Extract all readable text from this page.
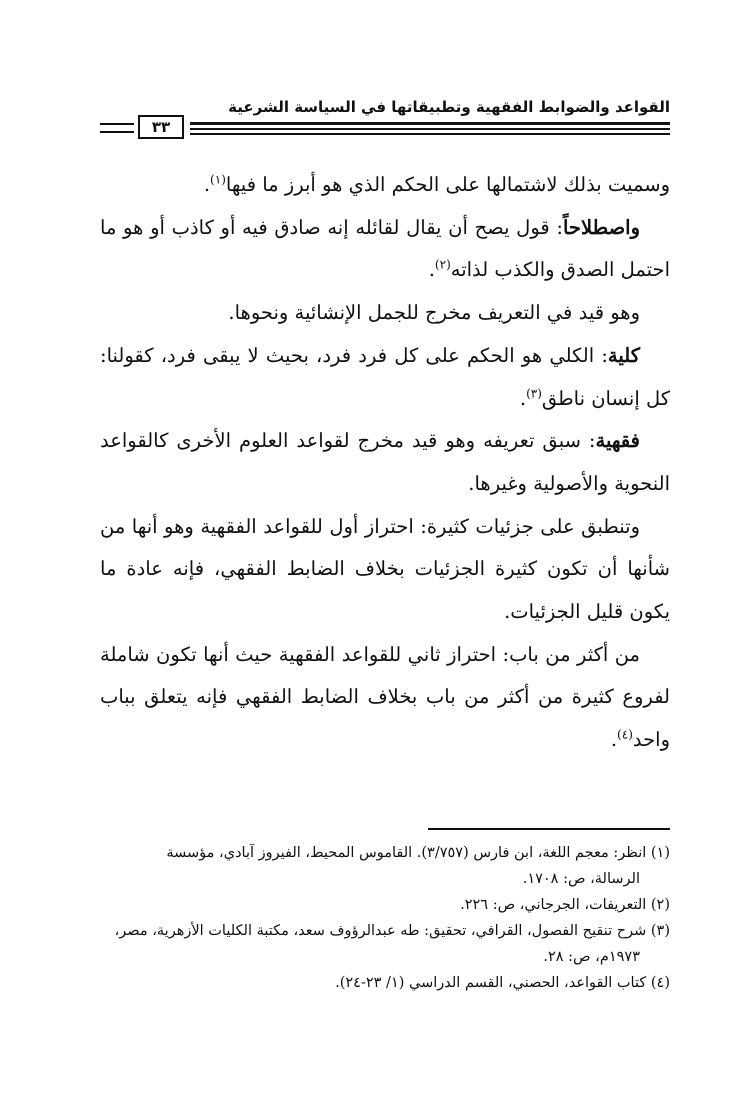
القواعد والضوابط الفقهية وتطبيقاتها في السياسة الشرعية
٣٣

وسميت بذلك لاشتمالها على الحكم الذي هو أبرز ما فيها$^{(١)}$.

واصطلاحاً: قول يصح أن يقال لقائله إنه صادق فيه أو كاذب أو هو ما احتمل الصدق والكذب لذاته$^{(٢)}$.

وهو قيد في التعريف مخرج للجمل الإنشائية ونحوها.

كلية: الكلي هو الحكم على كل فرد فرد، بحيث لا يبقى فرد، كقولنا: كل إنسان ناطق$^{(٣)}$.

فقهية: سبق تعريفه وهو قيد مخرج لقواعد العلوم الأخرى كالقواعد النحوية والأصولية وغيرها.

وتنطبق على جزئيات كثيرة: احتراز أول للقواعد الفقهية وهو أنها من شأنها أن تكون كثيرة الجزئيات بخلاف الضابط الفقهي، فإنه عادة ما يكون قليل الجزئيات.

من أكثر من باب: احتراز ثاني للقواعد الفقهية حيث أنها تكون شاملة لفروع كثيرة من أكثر من باب بخلاف الضابط الفقهي فإنه يتعلق بباب واحد$^{(٤)}$.

(١) انظر: معجم اللغة، ابن فارس (٣/٧٥٧). القاموس المحيط، الفيروز آبادي، مؤسسة

الرسالة، ص: ١٧٠٨.

(٢) التعريفات، الجرجاني، ص: ٢٢٦.

(٣) شرح تنقيح الفصول، القرافي، تحقيق: طه عبدالرؤوف سعد، مكتبة الكليات الأزهرية، مصر،

١٩٧٣م، ص: ٢٨.

(٤) كتاب القواعد، الحصني، القسم الدراسي (١/ ٢٣-٢٤).
